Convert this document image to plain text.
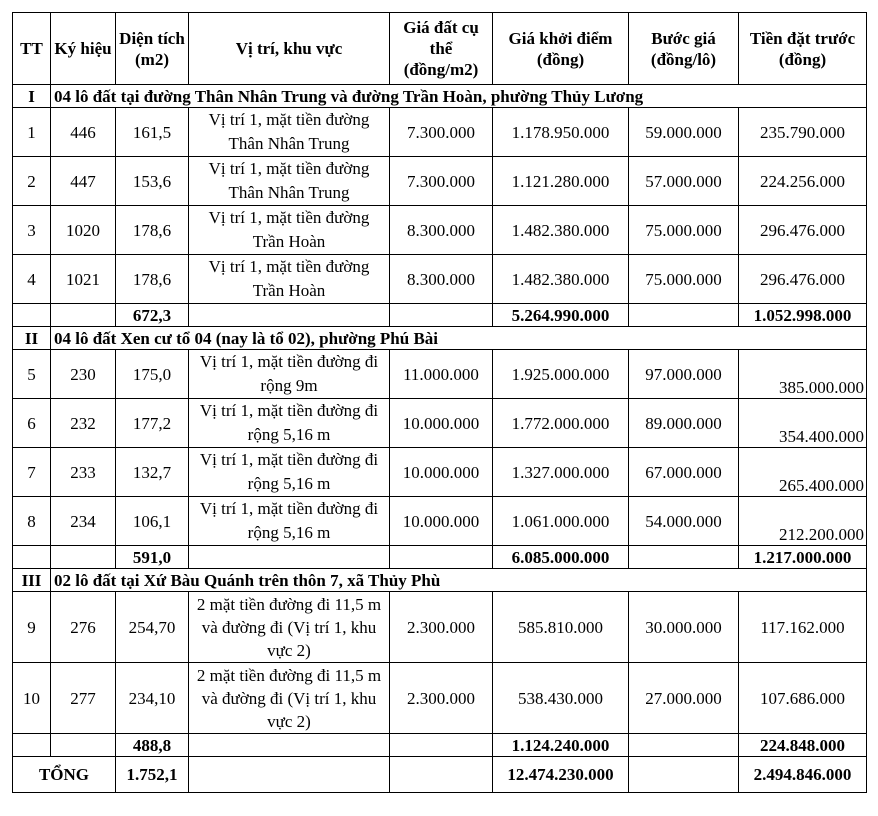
TT	Ký hiệu	Diện tích (m2)	Vị trí, khu vực	Giá đất cụ thể (đồng/m2)	Giá khởi điểm (đồng)	Bước giá (đồng/lô)	Tiền đặt trước (đồng)
I	04 lô đất tại đường Thân Nhân Trung và đường Trần Hoàn, phường Thủy Lương						
1	446	161,5	Vị trí 1, mặt tiền đường Thân Nhân Trung	7.300.000	1.178.950.000	59.000.000	235.790.000
2	447	153,6	Vị trí 1, mặt tiền đường Thân Nhân Trung	7.300.000	1.121.280.000	57.000.000	224.256.000
3	1020	178,6	Vị trí 1, mặt tiền đường Trần Hoàn	8.300.000	1.482.380.000	75.000.000	296.476.000
4	1021	178,6	Vị trí 1, mặt tiền đường Trần Hoàn	8.300.000	1.482.380.000	75.000.000	296.476.000
		672,3			5.264.990.000		1.052.998.000
II	04 lô đất Xen cư tổ 04 (nay là tổ 02), phường Phú Bài						
5	230	175,0	Vị trí 1, mặt tiền đường đi rộng 9m	11.000.000	1.925.000.000	97.000.000	385.000.000
6	232	177,2	Vị trí 1, mặt tiền đường đi rộng 5,16 m	10.000.000	1.772.000.000	89.000.000	354.400.000
7	233	132,7	Vị trí 1, mặt tiền đường đi rộng 5,16 m	10.000.000	1.327.000.000	67.000.000	265.400.000
8	234	106,1	Vị trí 1, mặt tiền đường đi rộng 5,16 m	10.000.000	1.061.000.000	54.000.000	212.200.000
		591,0			6.085.000.000		1.217.000.000
III	02 lô đất tại Xứ Bàu Quánh trên thôn 7, xã Thủy Phù						
9	276	254,70	2 mặt tiền đường đi 11,5 m và đường đi (Vị trí 1, khu vực 2)	2.300.000	585.810.000	30.000.000	117.162.000
10	277	234,10	2 mặt tiền đường đi 11,5 m và đường đi (Vị trí 1, khu vực 2)	2.300.000	538.430.000	27.000.000	107.686.000
		488,8			1.124.240.000		224.848.000
TỔNG		1.752,1			12.474.230.000		2.494.846.000
